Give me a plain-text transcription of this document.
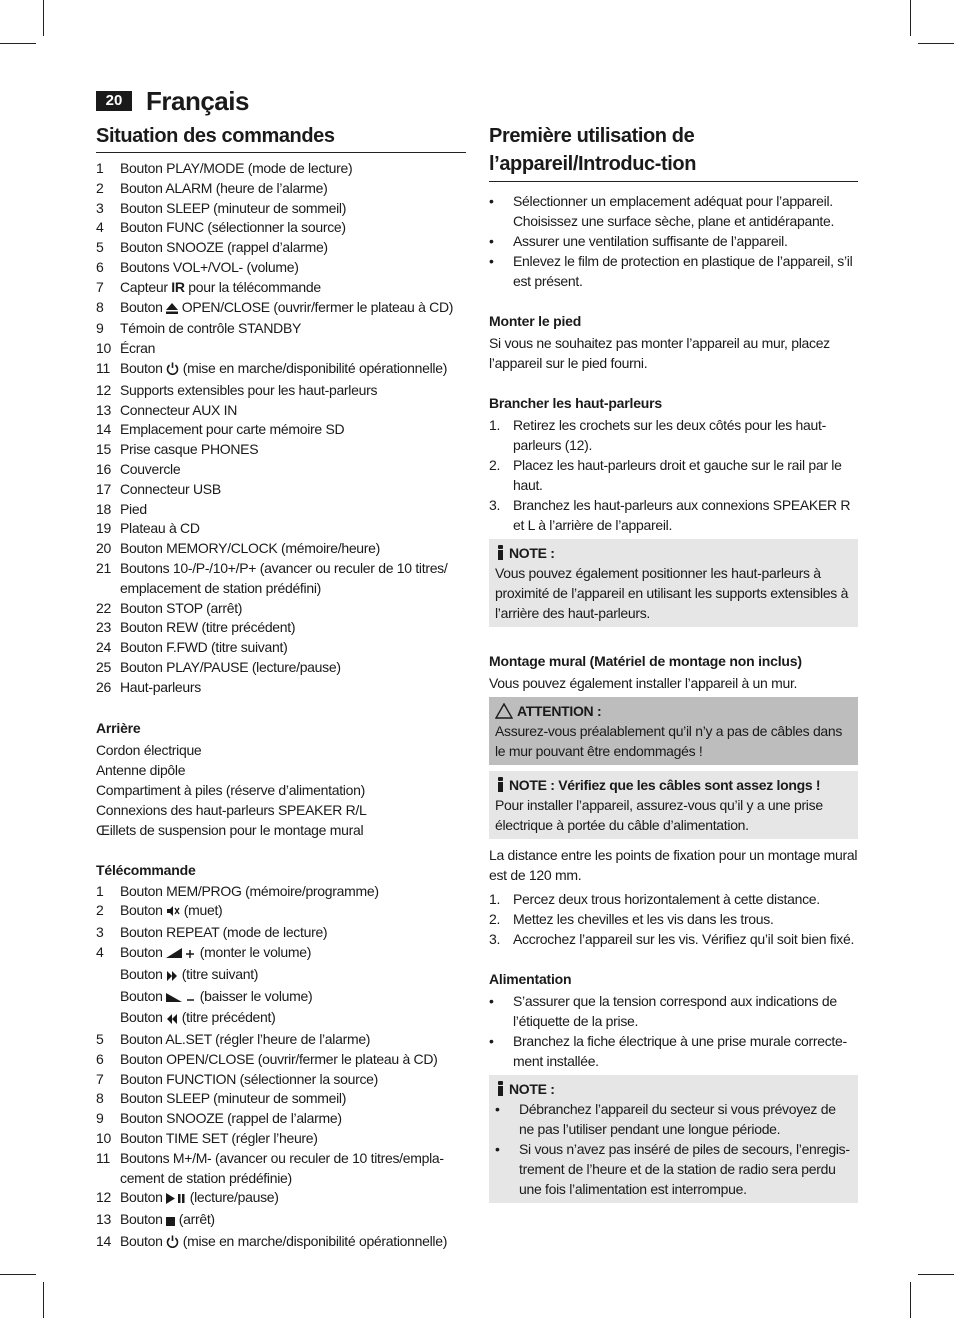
20 Français
Situation des commandes
1 Bouton PLAY/MODE (mode de lecture)
2 Bouton ALARM (heure de l’alarme)
3 Bouton SLEEP (minuteur de sommeil)
4 Bouton FUNC (sélectionner la source)
5 Bouton SNOOZE (rappel d’alarme)
6 Boutons VOL+/VOL- (volume)
7 Capteur IR pour la télécommande
8 Bouton  OPEN/CLOSE (ouvrir/fermer le plateau à CD)
9 Témoin de contrôle STANDBY
10 Écran
11 Bouton  (mise en marche/disponibilité opérationnelle)
12 Supports extensibles pour les haut-parleurs
13 Connecteur AUX IN
14 Emplacement pour carte mémoire SD
15 Prise casque PHONES
16 Couvercle
17 Connecteur USB
18 Pied
19 Plateau à CD
20 Bouton MEMORY/CLOCK (mémoire/heure)
21 Boutons 10-/P-/10+/P+ (avancer ou reculer de 10 titres/ emplacement de station prédéfini)
22 Bouton STOP (arrêt)
23 Bouton REW (titre précédent)
24 Bouton F.FWD (titre suivant)
25 Bouton PLAY/PAUSE (lecture/pause)
26 Haut-parleurs
Arrière
Cordon électrique
Antenne dipôle
Compartiment à piles (réserve d’alimentation)
Connexions des haut-parleurs SPEAKER R/L
Œillets de suspension pour le montage mural
Télécommande
1 Bouton MEM/PROG (mémoire/programme)
2 Bouton  (muet)
3 Bouton REPEAT (mode de lecture)
4 Bouton  (monter le volume)
Bouton  (titre suivant)
Bouton  (baisser le volume)
Bouton  (titre précédent)
5 Bouton AL.SET (régler l’heure de l’alarme)
6 Bouton OPEN/CLOSE (ouvrir/fermer le plateau à CD)
7 Bouton FUNCTION (sélectionner la source)
8 Bouton SLEEP (minuteur de sommeil)
9 Bouton SNOOZE (rappel de l’alarme)
10 Bouton TIME SET (régler l’heure)
11 Boutons M+/M- (avancer ou reculer de 10 titres/empla-cement de station prédéfinie)
12 Bouton  (lecture/pause)
13 Bouton  (arrêt)
14 Bouton  (mise en marche/disponibilité opérationnelle)
Première utilisation de l’appareil/Introduc-tion
• Sélectionner un emplacement adéquat pour l’appareil. Choisissez une surface sèche, plane et antidérapante.
• Assurer une ventilation suffisante de l’appareil.
• Enlevez le film de protection en plastique de l’appareil, s’il est présent.
Monter le pied

Si vous ne souhaitez pas monter l’appareil au mur, placez l’appareil sur le pied fourni.

Brancher les haut-parleurs
1. Retirez les crochets sur les deux côtés pour les haut-parleurs (12).
2. Placez les haut-parleurs droit et gauche sur le rail par le haut.
3. Branchez les haut-parleurs aux connexions SPEAKER R et L à l’arrière de l’appareil.
NOTE :

Vous pouvez également positionner les haut-parleurs à proximité de l’appareil en utilisant les supports extensibles à l’arrière des haut-parleurs.

Montage mural (Matériel de montage non inclus)

Vous pouvez également installer l’appareil à un mur.

ATTENTION :

Assurez-vous préalablement qu’il n’y a pas de câbles dans le mur pouvant être endommagés !

NOTE : Vérifiez que les câbles sont assez longs !

Pour installer l’appareil, assurez-vous qu’il y a une prise électrique à portée du câble d’alimentation.

La distance entre les points de fixation pour un montage mural est de 120 mm.

1. Percez deux trous horizontalement à cette distance.
2. Mettez les chevilles et les vis dans les trous.
3. Accrochez l’appareil sur les vis. Vérifiez qu’il soit bien fixé.
Alimentation
• S’assurer que la tension correspond aux indications de l’étiquette de la prise.
• Branchez la fiche électrique à une prise murale correcte-ment installée.
NOTE :
• Débranchez l’appareil du secteur si vous prévoyez de ne pas l’utiliser pendant une longue période.
• Si vous n’avez pas inséré de piles de secours, l’enregis-trement de l’heure et de la station de radio sera perdu une fois l’alimentation est interrompue.
